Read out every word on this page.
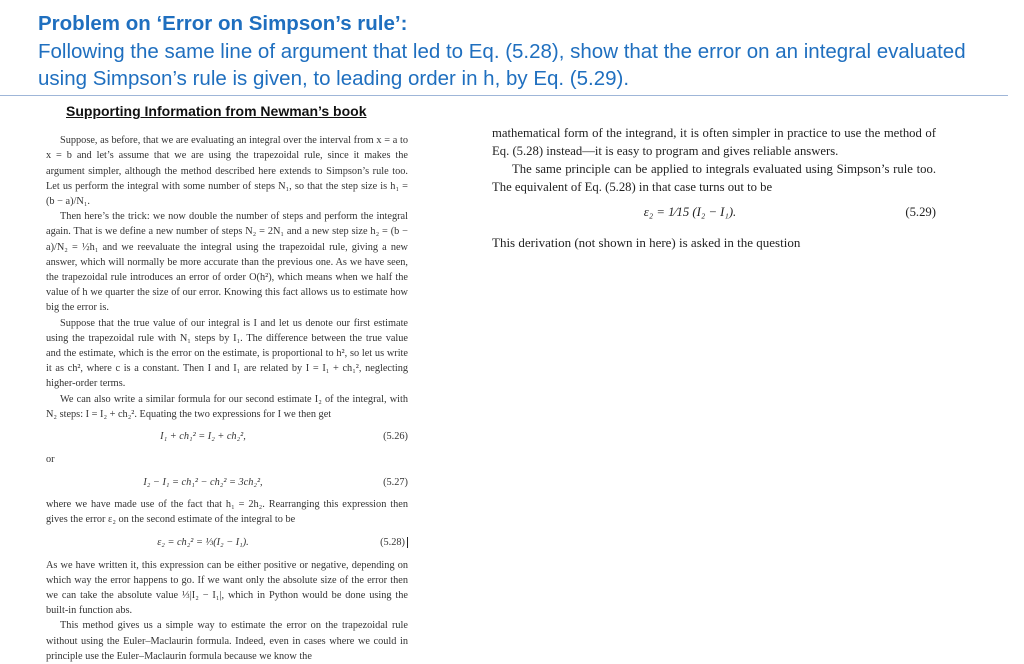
Problem on ‘Error on Simpson’s rule’:
Following the same line of argument that led to Eq. (5.28), show that the error on an integral evaluated using Simpson’s rule is given, to leading order in h, by Eq. (5.29).
Supporting Information from Newman’s book

Suppose, as before, that we are evaluating an integral over the interval from x = a to x = b and let’s assume that we are using the trapezoidal rule, since it makes the argument simpler, although the method described here extends to Simpson’s rule too. Let us perform the integral with some number of steps N₁, so that the step size is h₁ = (b − a)/N₁.

Then here’s the trick: we now double the number of steps and perform the integral again. That is we define a new number of steps N₂ = 2N₁ and a new step size h₂ = (b − a)/N₂ = ½h₁ and we reevaluate the integral using the trapezoidal rule, giving a new answer, which will normally be more accurate than the previous one. As we have seen, the trapezoidal rule introduces an error of order O(h²), which means when we half the value of h we quarter the size of our error. Knowing this fact allows us to estimate how big the error is.

Suppose that the true value of our integral is I and let us denote our first estimate using the trapezoidal rule with N₁ steps by I₁. The difference between the true value and the estimate, which is the error on the estimate, is proportional to h², so let us write it as ch², where c is a constant. Then I and I₁ are related by I = I₁ + ch₁², neglecting higher-order terms.

We can also write a similar formula for our second estimate I₂ of the integral, with N₂ steps: I = I₂ + ch₂². Equating the two expressions for I we then get

I₁ + ch₁² = I₂ + ch₂²,	(5.26)
or
I₂ − I₁ = ch₁² − ch₂² = 3ch₂²,	(5.27)

where we have made use of the fact that h₁ = 2h₂. Rearranging this expression then gives the error ε₂ on the second estimate of the integral to be

ε₂ = ch₂² = ⅓(I₂ − I₁).	(5.28)

As we have written it, this expression can be either positive or negative, depending on which way the error happens to go. If we want only the absolute size of the error then we can take the absolute value ⅓|I₂ − I₁|, which in Python would be done using the built-in function abs.

This method gives us a simple way to estimate the error on the trapezoidal rule without using the Euler–Maclaurin formula. Indeed, even in cases where we could in principle use the Euler–Maclaurin formula because we know the

mathematical form of the integrand, it is often simpler in practice to use the method of Eq. (5.28) instead—it is easy to program and gives reliable answers.

The same principle can be applied to integrals evaluated using Simpson’s rule too. The equivalent of Eq. (5.28) in that case turns out to be

ε₂ = 1⁄15 (I₂ − I₁).	(5.29)

This derivation (not shown in here) is asked in the question
